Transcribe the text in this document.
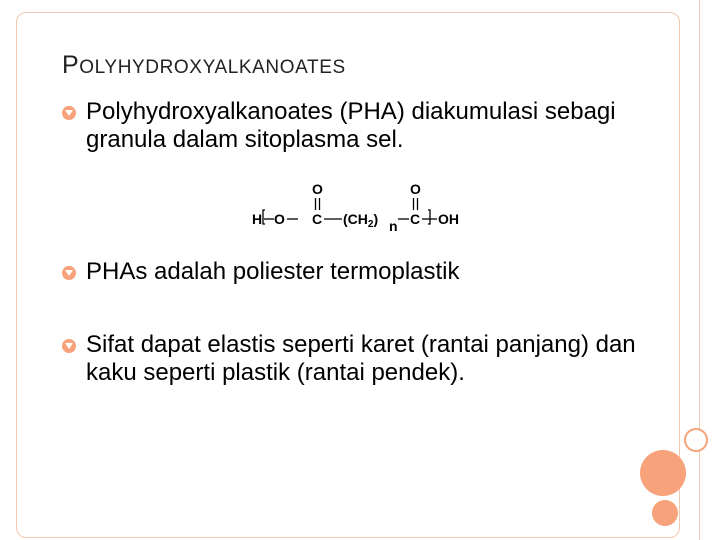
POLYHYDROXYALKANOATES
Polyhydroxyalkanoates (PHA) diakumulasi sebagi granula dalam sitoplasma sel.
PHAs adalah poliester termoplastik
Sifat dapat elastis seperti karet (rantai panjang) dan kaku seperti plastik (rantai pendek).
H O
O
C $(CH_2)$ n
O
C OH
